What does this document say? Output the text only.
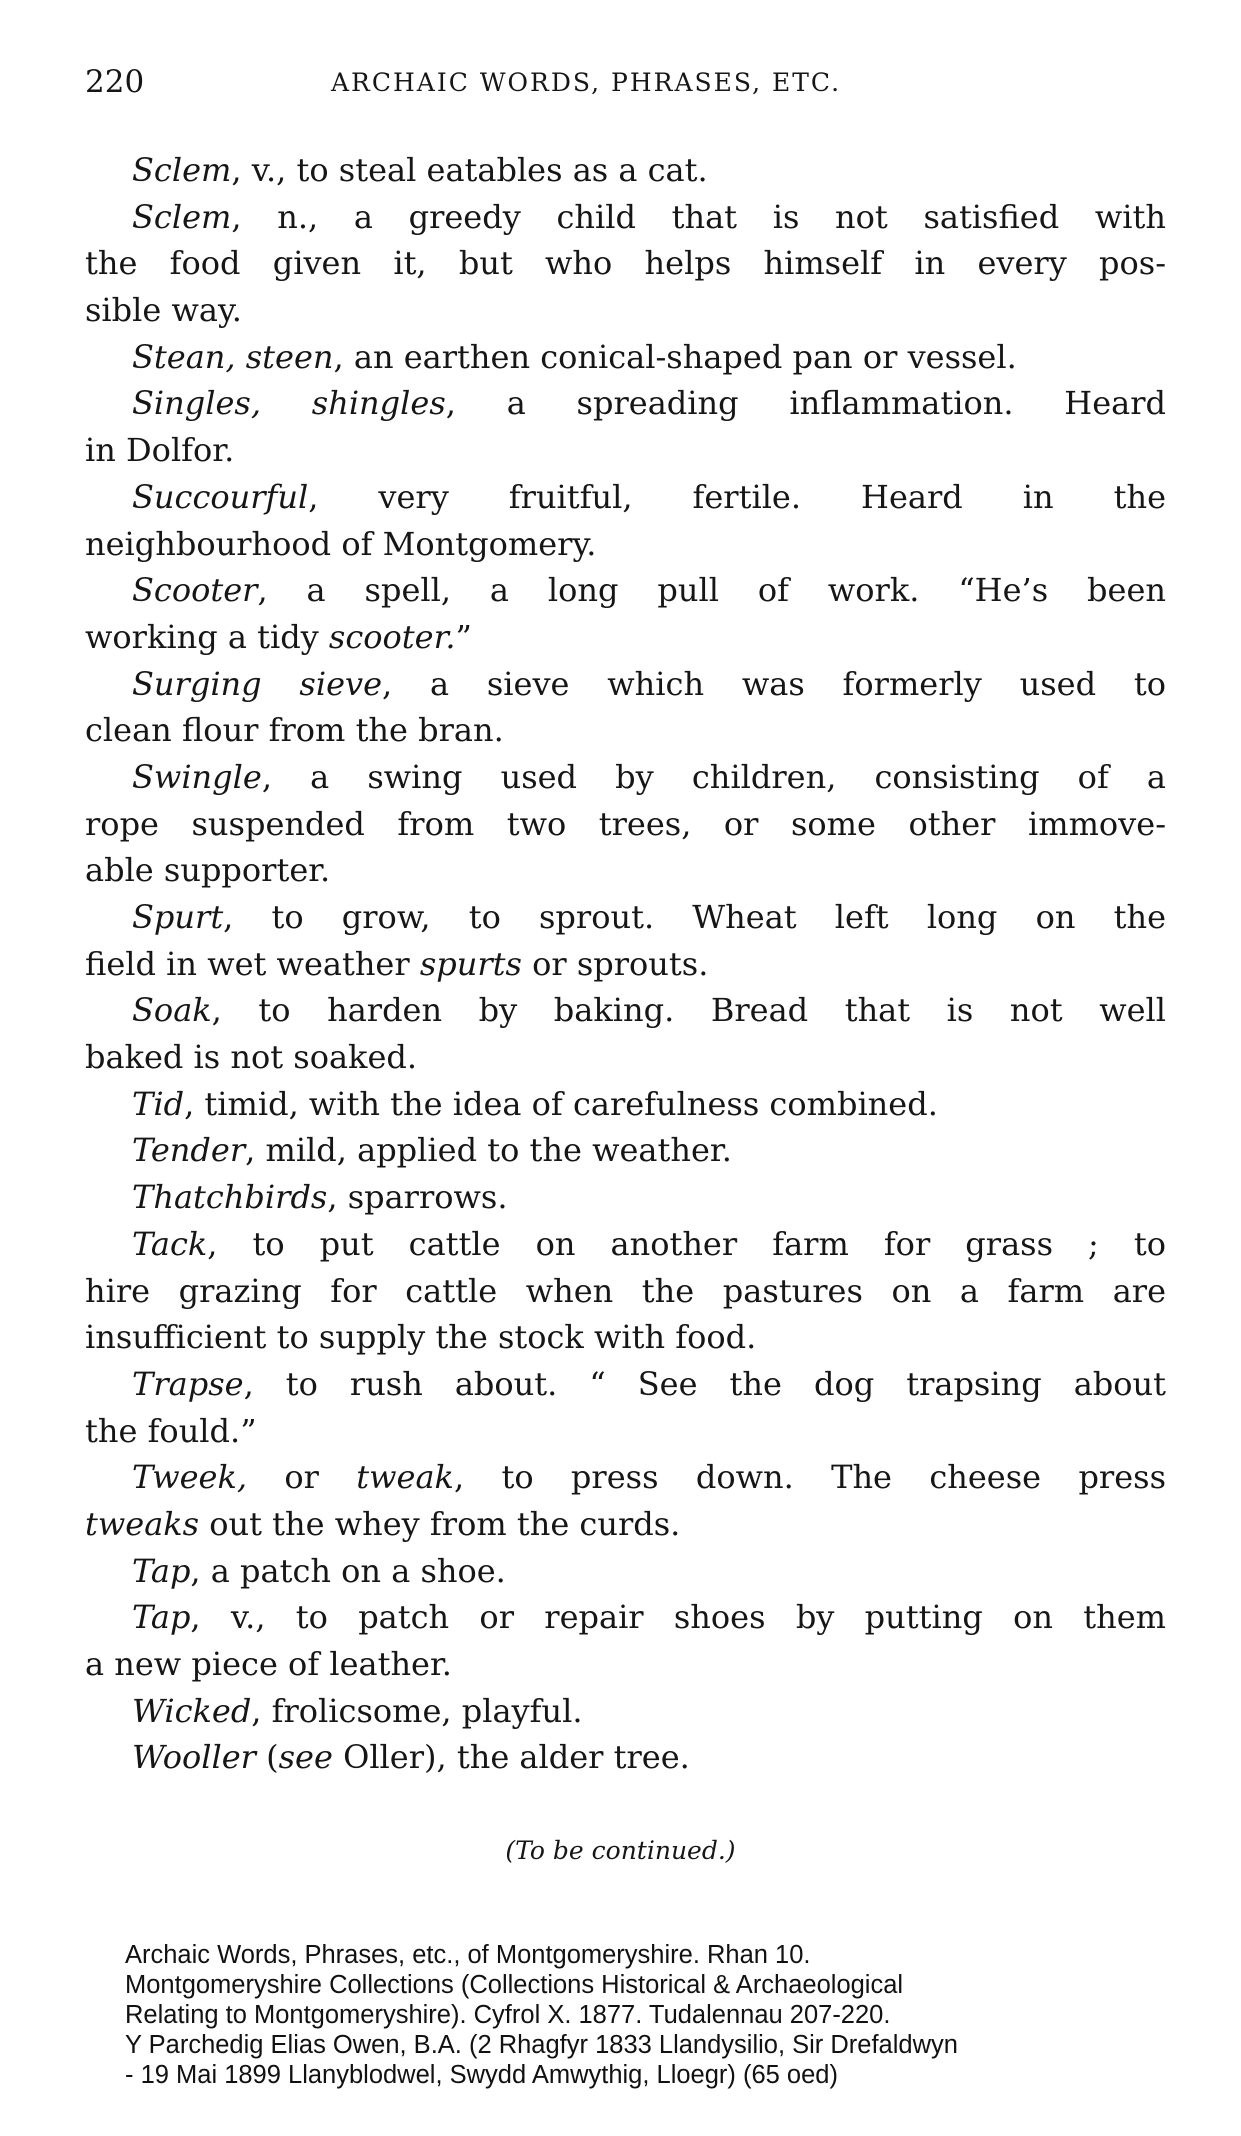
220	ARCHAIC WORDS, PHRASES, ETC.
Sclem, v., to steal eatables as a cat.
Sclem, n., a greedy child that is not satisfied with
the food given it, but who helps himself in every pos-
sible way.
Stean, steen, an earthen conical-shaped pan or vessel.
Singles, shingles, a spreading inflammation. Heard
in Dolfor.
Succourful, very fruitful, fertile. Heard in the
neighbourhood of Montgomery.
Scooter, a spell, a long pull of work. “He’s been
working a tidy scooter.”
Surging sieve, a sieve which was formerly used to
clean flour from the bran.
Swingle, a swing used by children, consisting of a
rope suspended from two trees, or some other immove-
able supporter.
Spurt, to grow, to sprout. Wheat left long on the
field in wet weather spurts or sprouts.
Soak, to harden by baking. Bread that is not well
baked is not soaked.
Tid, timid, with the idea of carefulness combined.
Tender, mild, applied to the weather.
Thatchbirds, sparrows.
Tack, to put cattle on another farm for grass ; to
hire grazing for cattle when the pastures on a farm are
insufficient to supply the stock with food.
Trapse, to rush about. “ See the dog trapsing about
the fould.”
Tweek, or tweak, to press down. The cheese press
tweaks out the whey from the curds.
Tap, a patch on a shoe.
Tap, v., to patch or repair shoes by putting on them
a new piece of leather.
Wicked, frolicsome, playful.
Wooller (see Oller), the alder tree.
(To be continued.)
Archaic Words, Phrases, etc., of Montgomeryshire. Rhan 10.
Montgomeryshire Collections (Collections Historical & Archaeological
Relating to Montgomeryshire). Cyfrol X. 1877. Tudalennau 207-220.
Y Parchedig Elias Owen, B.A. (2 Rhagfyr 1833 Llandysilio, Sir Drefaldwyn
- 19 Mai 1899 Llanyblodwel, Swydd Amwythig, Lloegr) (65 oed)
